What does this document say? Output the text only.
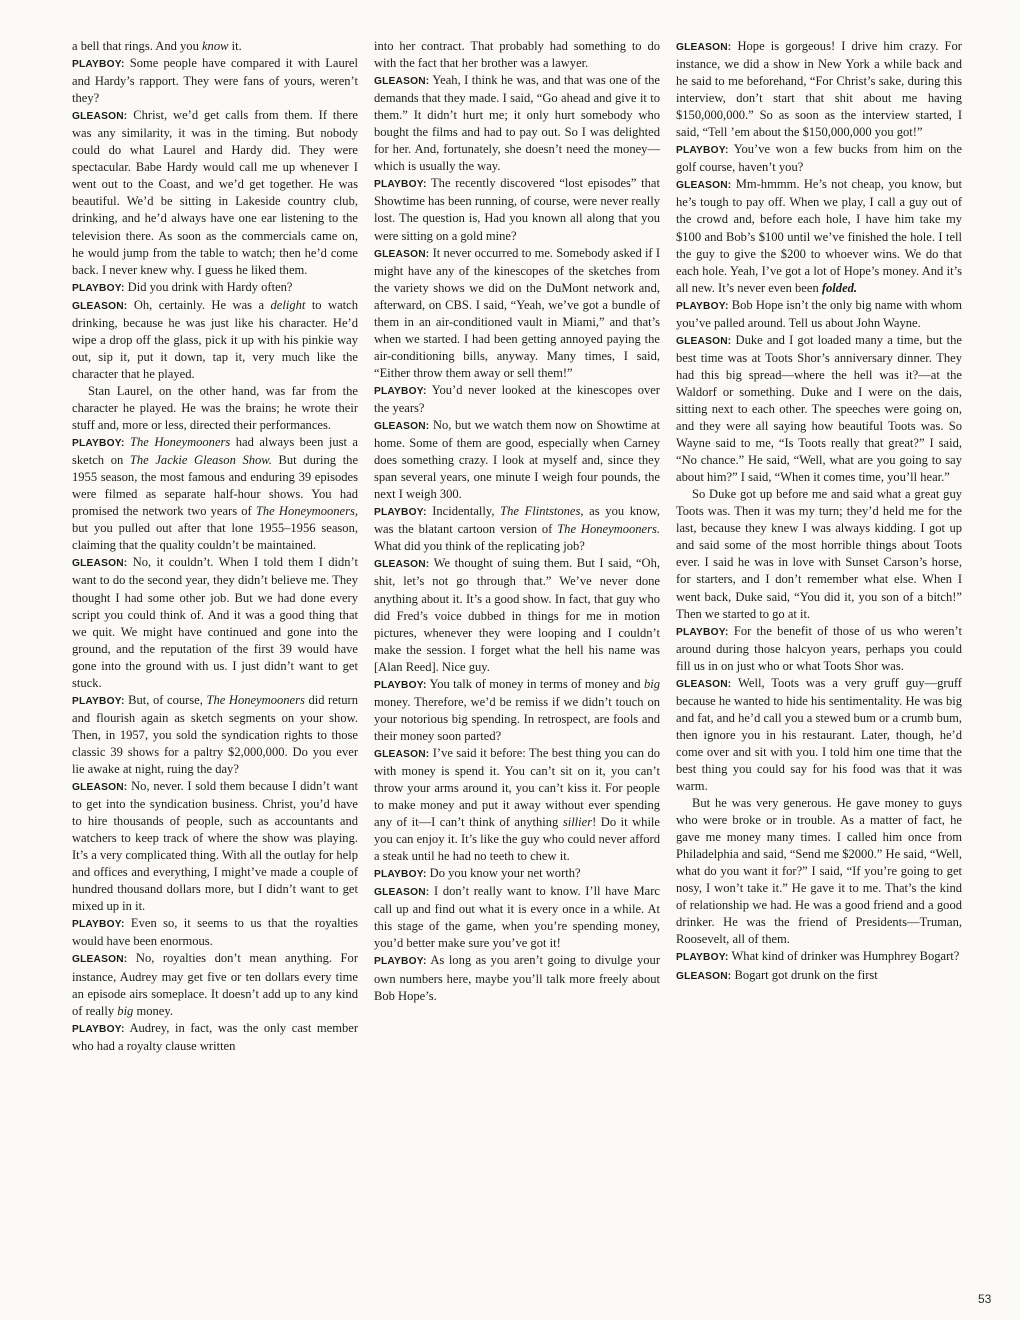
a bell that rings. And you know it.

PLAYBOY: Some people have compared it with Laurel and Hardy’s rapport. They were fans of yours, weren’t they?

GLEASON: Christ, we’d get calls from them. If there was any similarity, it was in the timing. But nobody could do what Laurel and Hardy did. They were spectacular. Babe Hardy would call me up whenever I went out to the Coast, and we’d get together. He was beautiful. We’d be sitting in Lakeside country club, drinking, and he’d always have one ear listening to the television there. As soon as the commercials came on, he would jump from the table to watch; then he’d come back. I never knew why. I guess he liked them.

PLAYBOY: Did you drink with Hardy often?

GLEASON: Oh, certainly. He was a delight to watch drinking, because he was just like his character. He’d wipe a drop off the glass, pick it up with his pinkie way out, sip it, put it down, tap it, very much like the character that he played.

Stan Laurel, on the other hand, was far from the character he played. He was the brains; he wrote their stuff and, more or less, directed their performances.

PLAYBOY: The Honeymooners had always been just a sketch on The Jackie Gleason Show. But during the 1955 season, the most famous and enduring 39 episodes were filmed as separate half-hour shows. You had promised the network two years of The Honeymooners, but you pulled out after that lone 1955–1956 season, claiming that the quality couldn’t be maintained.

GLEASON: No, it couldn’t. When I told them I didn’t want to do the second year, they didn’t believe me. They thought I had some other job. But we had done every script you could think of. And it was a good thing that we quit. We might have continued and gone into the ground, and the reputation of the first 39 would have gone into the ground with us. I just didn’t want to get stuck.

PLAYBOY: But, of course, The Honeymooners did return and flourish again as sketch segments on your show. Then, in 1957, you sold the syndication rights to those classic 39 shows for a paltry $2,000,000. Do you ever lie awake at night, ruing the day?

GLEASON: No, never. I sold them because I didn’t want to get into the syndication business. Christ, you’d have to hire thousands of people, such as accountants and watchers to keep track of where the show was playing. It’s a very complicated thing. With all the outlay for help and offices and everything, I might’ve made a couple of hundred thousand dollars more, but I didn’t want to get mixed up in it.

PLAYBOY: Even so, it seems to us that the royalties would have been enormous.

GLEASON: No, royalties don’t mean anything. For instance, Audrey may get five or ten dollars every time an episode airs someplace. It doesn’t add up to any kind of really big money.

PLAYBOY: Audrey, in fact, was the only cast member who had a royalty clause written

into her contract. That probably had something to do with the fact that her brother was a lawyer.

GLEASON: Yeah, I think he was, and that was one of the demands that they made. I said, “Go ahead and give it to them.” It didn’t hurt me; it only hurt somebody who bought the films and had to pay out. So I was delighted for her. And, fortunately, she doesn’t need the money—which is usually the way.

PLAYBOY: The recently discovered “lost episodes” that Showtime has been running, of course, were never really lost. The question is, Had you known all along that you were sitting on a gold mine?

GLEASON: It never occurred to me. Somebody asked if I might have any of the kinescopes of the sketches from the variety shows we did on the DuMont network and, afterward, on CBS. I said, “Yeah, we’ve got a bundle of them in an air-conditioned vault in Miami,” and that’s when we started. I had been getting annoyed paying the air-conditioning bills, anyway. Many times, I said, “Either throw them away or sell them!”

PLAYBOY: You’d never looked at the kinescopes over the years?

GLEASON: No, but we watch them now on Showtime at home. Some of them are good, especially when Carney does something crazy. I look at myself and, since they span several years, one minute I weigh four pounds, the next I weigh 300.

PLAYBOY: Incidentally, The Flintstones, as you know, was the blatant cartoon version of The Honeymooners. What did you think of the replicating job?

GLEASON: We thought of suing them. But I said, “Oh, shit, let’s not go through that.” We’ve never done anything about it. It’s a good show. In fact, that guy who did Fred’s voice dubbed in things for me in motion pictures, whenever they were looping and I couldn’t make the session. I forget what the hell his name was [Alan Reed]. Nice guy.

PLAYBOY: You talk of money in terms of money and big money. Therefore, we’d be remiss if we didn’t touch on your notorious big spending. In retrospect, are fools and their money soon parted?

GLEASON: I’ve said it before: The best thing you can do with money is spend it. You can’t sit on it, you can’t throw your arms around it, you can’t kiss it. For people to make money and put it away without ever spending any of it—I can’t think of anything sillier! Do it while you can enjoy it. It’s like the guy who could never afford a steak until he had no teeth to chew it.

PLAYBOY: Do you know your net worth?

GLEASON: I don’t really want to know. I’ll have Marc call up and find out what it is every once in a while. At this stage of the game, when you’re spending money, you’d better make sure you’ve got it!

PLAYBOY: As long as you aren’t going to divulge your own numbers here, maybe you’ll talk more freely about Bob Hope’s.

GLEASON: Hope is gorgeous! I drive him crazy. For instance, we did a show in New York a while back and he said to me beforehand, “For Christ’s sake, during this interview, don’t start that shit about me having $150,000,000.” So as soon as the interview started, I said, “Tell ’em about the $150,000,000 you got!”

PLAYBOY: You’ve won a few bucks from him on the golf course, haven’t you?

GLEASON: Mm-hmmm. He’s not cheap, you know, but he’s tough to pay off. When we play, I call a guy out of the crowd and, before each hole, I have him take my $100 and Bob’s $100 until we’ve finished the hole. I tell the guy to give the $200 to whoever wins. We do that each hole. Yeah, I’ve got a lot of Hope’s money. And it’s all new. It’s never even been folded.

PLAYBOY: Bob Hope isn’t the only big name with whom you’ve palled around. Tell us about John Wayne.

GLEASON: Duke and I got loaded many a time, but the best time was at Toots Shor’s anniversary dinner. They had this big spread—where the hell was it?—at the Waldorf or something. Duke and I were on the dais, sitting next to each other. The speeches were going on, and they were all saying how beautiful Toots was. So Wayne said to me, “Is Toots really that great?” I said, “No chance.” He said, “Well, what are you going to say about him?” I said, “When it comes time, you’ll hear.”

So Duke got up before me and said what a great guy Toots was. Then it was my turn; they’d held me for the last, because they knew I was always kidding. I got up and said some of the most horrible things about Toots ever. I said he was in love with Sunset Carson’s horse, for starters, and I don’t remember what else. When I went back, Duke said, “You did it, you son of a bitch!” Then we started to go at it.

PLAYBOY: For the benefit of those of us who weren’t around during those halcyon years, perhaps you could fill us in on just who or what Toots Shor was.

GLEASON: Well, Toots was a very gruff guy—gruff because he wanted to hide his sentimentality. He was big and fat, and he’d call you a stewed bum or a crumb bum, then ignore you in his restaurant. Later, though, he’d come over and sit with you. I told him one time that the best thing you could say for his food was that it was warm.

But he was very generous. He gave money to guys who were broke or in trouble. As a matter of fact, he gave me money many times. I called him once from Philadelphia and said, “Send me $2000.” He said, “Well, what do you want it for?” I said, “If you’re going to get nosy, I won’t take it.” He gave it to me. That’s the kind of relationship we had. He was a good friend and a good drinker. He was the friend of Presidents—Truman, Roosevelt, all of them.

PLAYBOY: What kind of drinker was Humphrey Bogart?

GLEASON: Bogart got drunk on the first

53
